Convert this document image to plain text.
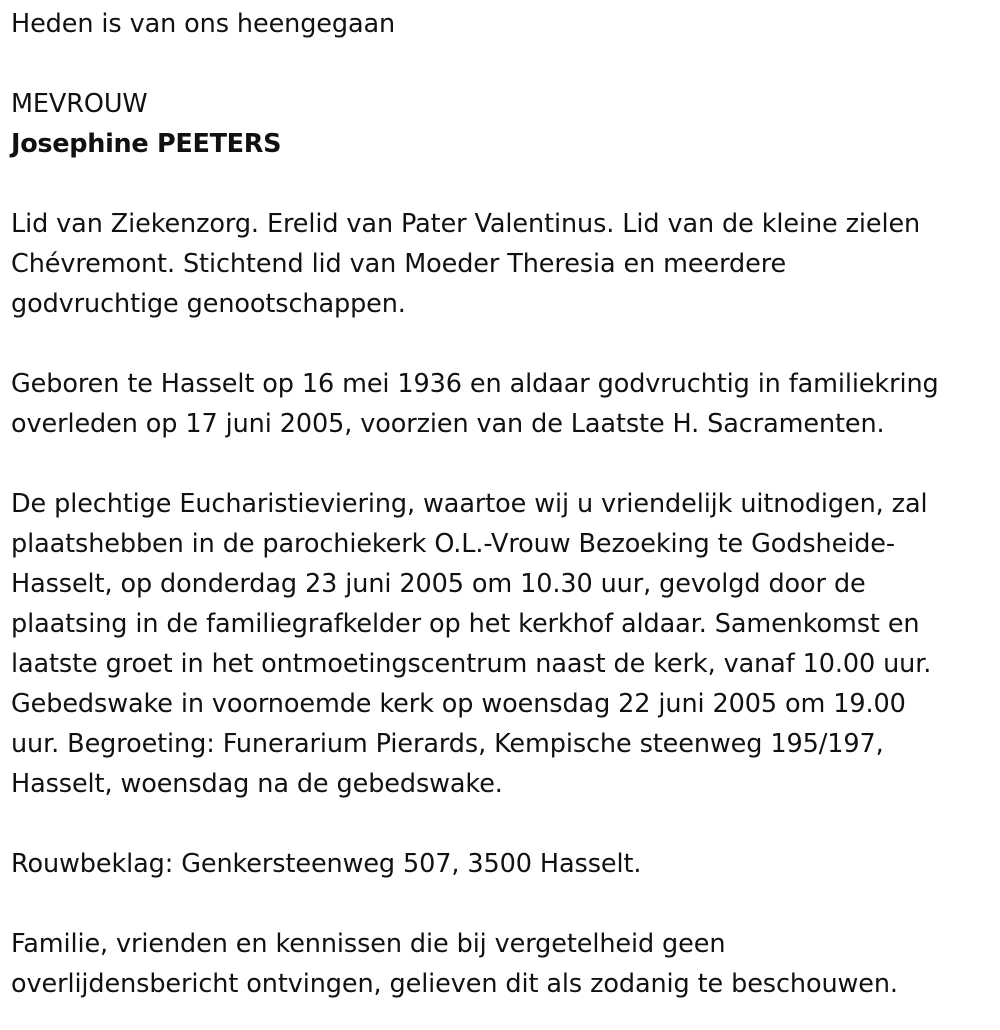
Heden is van ons heengegaan
MEVROUW
Josephine PEETERS
Lid van Ziekenzorg. Erelid van Pater Valentinus. Lid van de kleine zielen
Chévremont. Stichtend lid van Moeder Theresia en meerdere
godvruchtige genootschappen.
Geboren te Hasselt op 16 mei 1936 en aldaar godvruchtig in familiekring
overleden op 17 juni 2005, voorzien van de Laatste H. Sacramenten.
De plechtige Eucharistieviering, waartoe wij u vriendelijk uitnodigen, zal
plaatshebben in de parochiekerk O.L.-Vrouw Bezoeking te Godsheide-
Hasselt, op donderdag 23 juni 2005 om 10.30 uur, gevolgd door de
plaatsing in de familiegrafkelder op het kerkhof aldaar. Samenkomst en
laatste groet in het ontmoetingscentrum naast de kerk, vanaf 10.00 uur.
Gebedswake in voornoemde kerk op woensdag 22 juni 2005 om 19.00
uur. Begroeting: Funerarium Pierards, Kempische steenweg 195/197,
Hasselt, woensdag na de gebedswake.
Rouwbeklag: Genkersteenweg 507, 3500 Hasselt.
Familie, vrienden en kennissen die bij vergetelheid geen
overlijdensbericht ontvingen, gelieven dit als zodanig te beschouwen.
